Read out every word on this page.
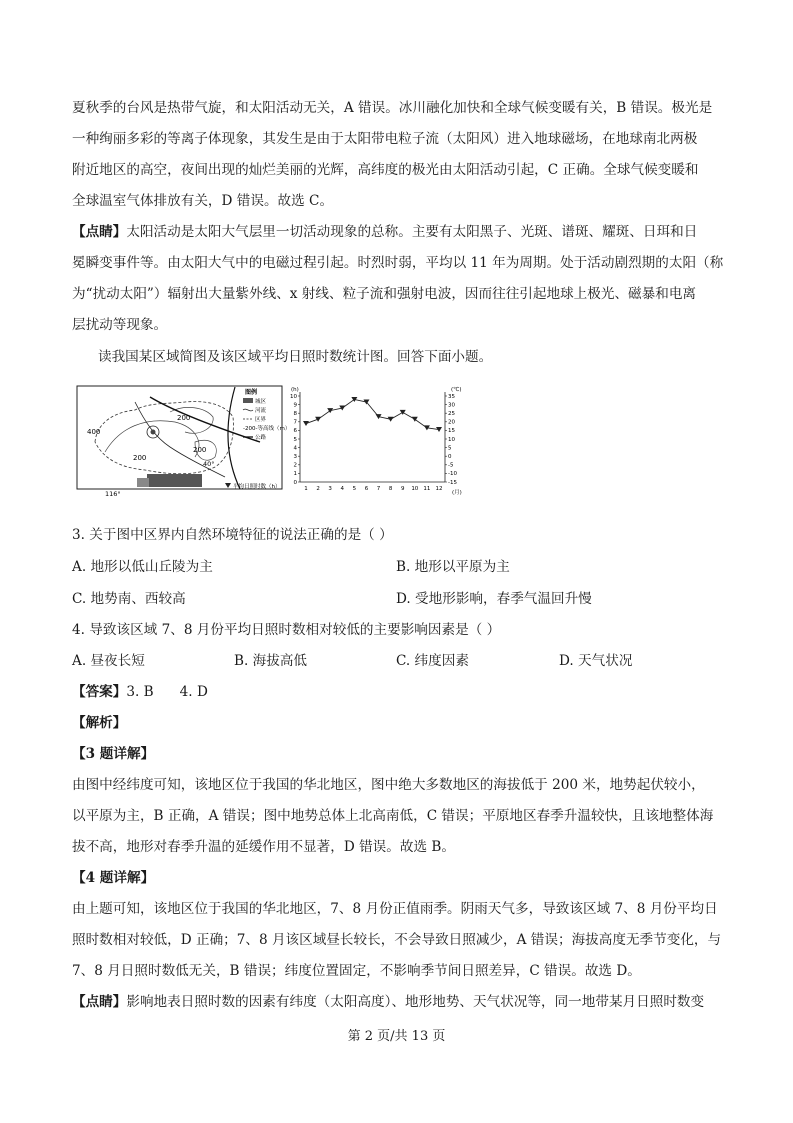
夏秋季的台风是热带气旋，和太阳活动无关，A 错误。冰川融化加快和全球气候变暖有关，B 错误。极光是
一种绚丽多彩的等离子体现象，其发生是由于太阳带电粒子流（太阳风）进入地球磁场，在地球南北两极
附近地区的高空，夜间出现的灿烂美丽的光辉，高纬度的极光由太阳活动引起，C 正确。全球气候变暖和
全球温室气体排放有关，D 错误。故选 C。
【点睛】太阳活动是太阳大气层里一切活动现象的总称。主要有太阳黑子、光斑、谱斑、耀斑、日珥和日
冕瞬变事件等。由太阳大气中的电磁过程引起。时烈时弱，平均以 11 年为周期。处于活动剧烈期的太阳（称
为“扰动太阳”）辐射出大量紫外线、x 射线、粒子流和强射电波，因而往往引起地球上极光、磁暴和电离
层扰动等现象。
读我国某区域简图及该区域平均日照时数统计图。回答下面小题。
400
200
200
200
图例
城区
河流
区界
-200-等高线（m）
公路
平均日照时数（h）
40°
116°
(h)	(℃)
(月)
0
1
2
3
4
5
6
7
8
9
10	35
30
25
20
15
10
5
0
-5
-10
-15
1 2 3 4 5 6 7 8 9 10 11 12
3. 关于图中区界内自然环境特征的说法正确的是（ ）
A. 地形以低山丘陵为主	B. 地形以平原为主
C. 地势南、西较高	D. 受地形影响，春季气温回升慢
4. 导致该区域 7、8 月份平均日照时数相对较低的主要影响因素是（ ）
A. 昼夜长短	B. 海拔高低	C. 纬度因素	D. 天气状况
【答案】3. B 4. D
【解析】
【3 题详解】
由图中经纬度可知，该地区位于我国的华北地区，图中绝大多数地区的海拔低于 200 米，地势起伏较小，
以平原为主，B 正确，A 错误；图中地势总体上北高南低，C 错误；平原地区春季升温较快，且该地整体海
拔不高，地形对春季升温的延缓作用不显著，D 错误。故选 B。
【4 题详解】
由上题可知，该地区位于我国的华北地区，7、8 月份正值雨季。阴雨天气多，导致该区域 7、8 月份平均日
照时数相对较低，D 正确；7、8 月该区域昼长较长，不会导致日照减少，A 错误；海拔高度无季节变化，与
7、8 月日照时数低无关，B 错误；纬度位置固定，不影响季节间日照差异，C 错误。故选 D。
【点睛】影响地表日照时数的因素有纬度（太阳高度）、地形地势、天气状况等，同一地带某月日照时数变
第 2 页/共 13 页
